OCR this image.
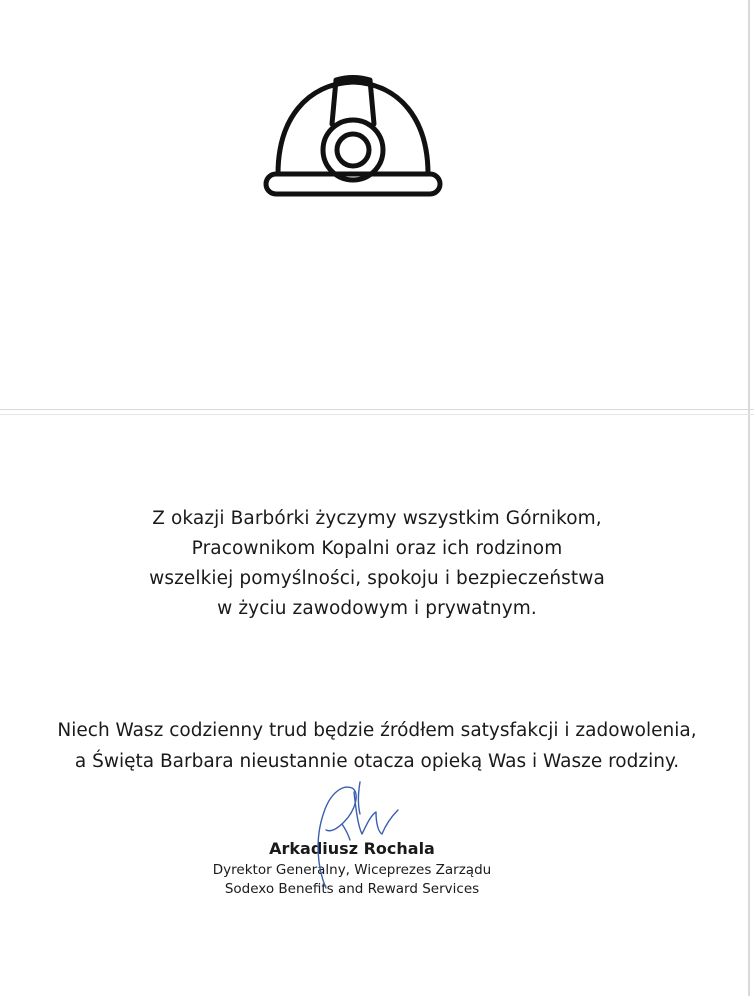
Z okazji Barbórki życzymy wszystkim Górnikom,
Pracownikom Kopalni oraz ich rodzinom
wszelkiej pomyślności, spokoju i bezpieczeństwa
w życiu zawodowym i prywatnym.
Niech Wasz codzienny trud będzie źródłem satysfakcji i zadowolenia,
a Święta Barbara nieustannie otacza opieką Was i Wasze rodziny.
Arkadiusz Rochala
Dyrektor Generalny, Wiceprezes Zarządu
Sodexo Benefits and Reward Services
